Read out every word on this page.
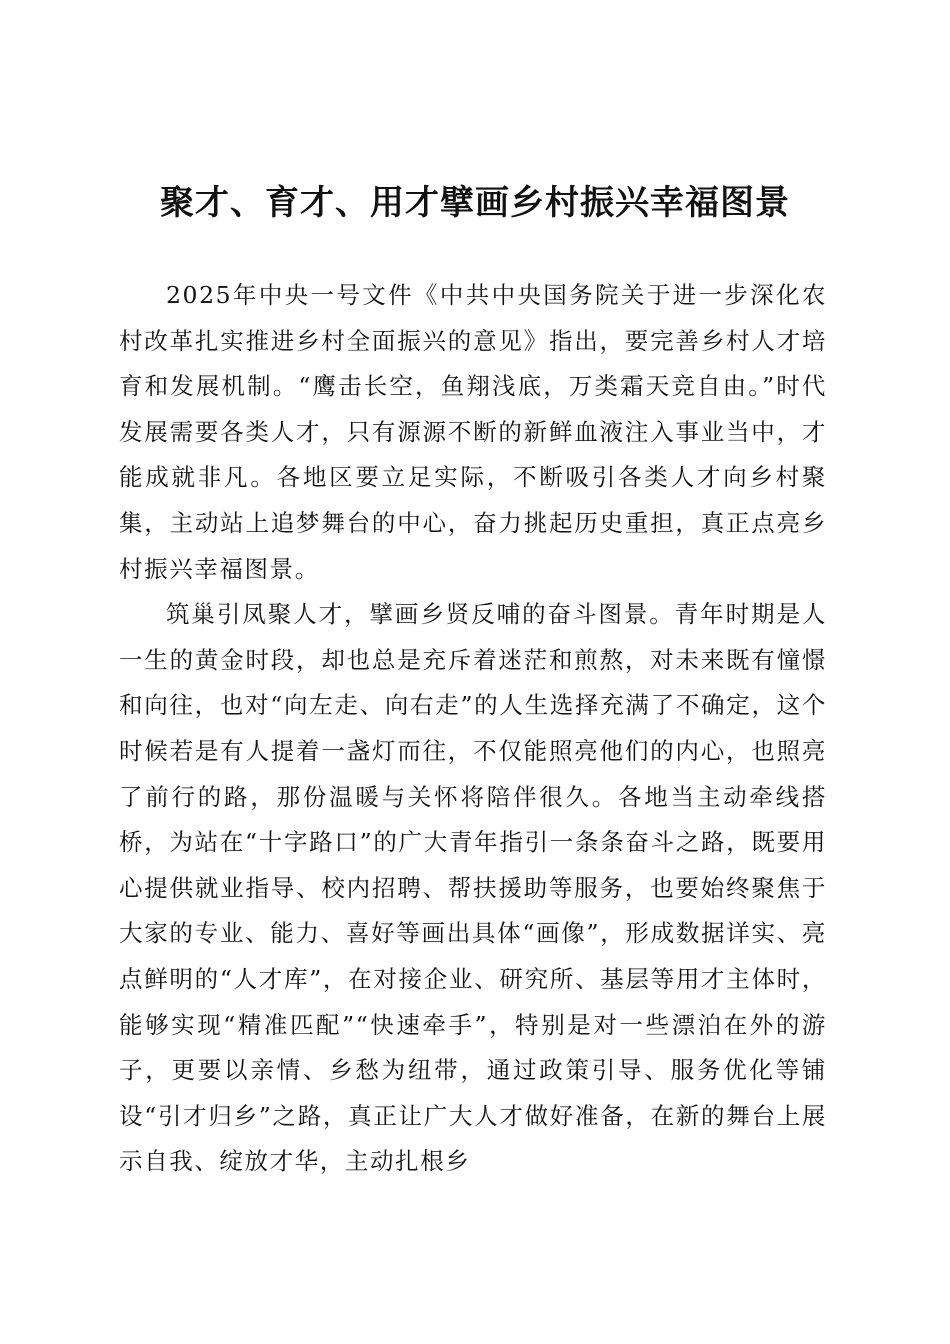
聚才、育才、用才擘画乡村振兴幸福图景

2025年中央一号文件《中共中央国务院关于进一步深化农村改革扎实推进乡村全面振兴的意见》指出，要完善乡村人才培育和发展机制。“鹰击长空，鱼翔浅底，万类霜天竞自由。”时代发展需要各类人才，只有源源不断的新鲜血液注入事业当中，才能成就非凡。各地区要立足实际，不断吸引各类人才向乡村聚集，主动站上追梦舞台的中心，奋力挑起历史重担，真正点亮乡村振兴幸福图景。

筑巢引凤聚人才，擘画乡贤反哺的奋斗图景。青年时期是人一生的黄金时段，却也总是充斥着迷茫和煎熬，对未来既有憧憬和向往，也对“向左走、向右走”的人生选择充满了不确定，这个时候若是有人提着一盏灯而往，不仅能照亮他们的内心，也照亮了前行的路，那份温暖与关怀将陪伴很久。各地当主动牵线搭桥，为站在“十字路口”的广大青年指引一条条奋斗之路，既要用心提供就业指导、校内招聘、帮扶援助等服务，也要始终聚焦于大家的专业、能力、喜好等画出具体“画像”，形成数据详实、亮点鲜明的“人才库”，在对接企业、研究所、基层等用才主体时，能够实现“精准匹配”“快速牵手”，特别是对一些漂泊在外的游子，更要以亲情、乡愁为纽带，通过政策引导、服务优化等铺设“引才归乡”之路，真正让广大人才做好准备，在新的舞台上展示自我、绽放才华，主动扎根乡
